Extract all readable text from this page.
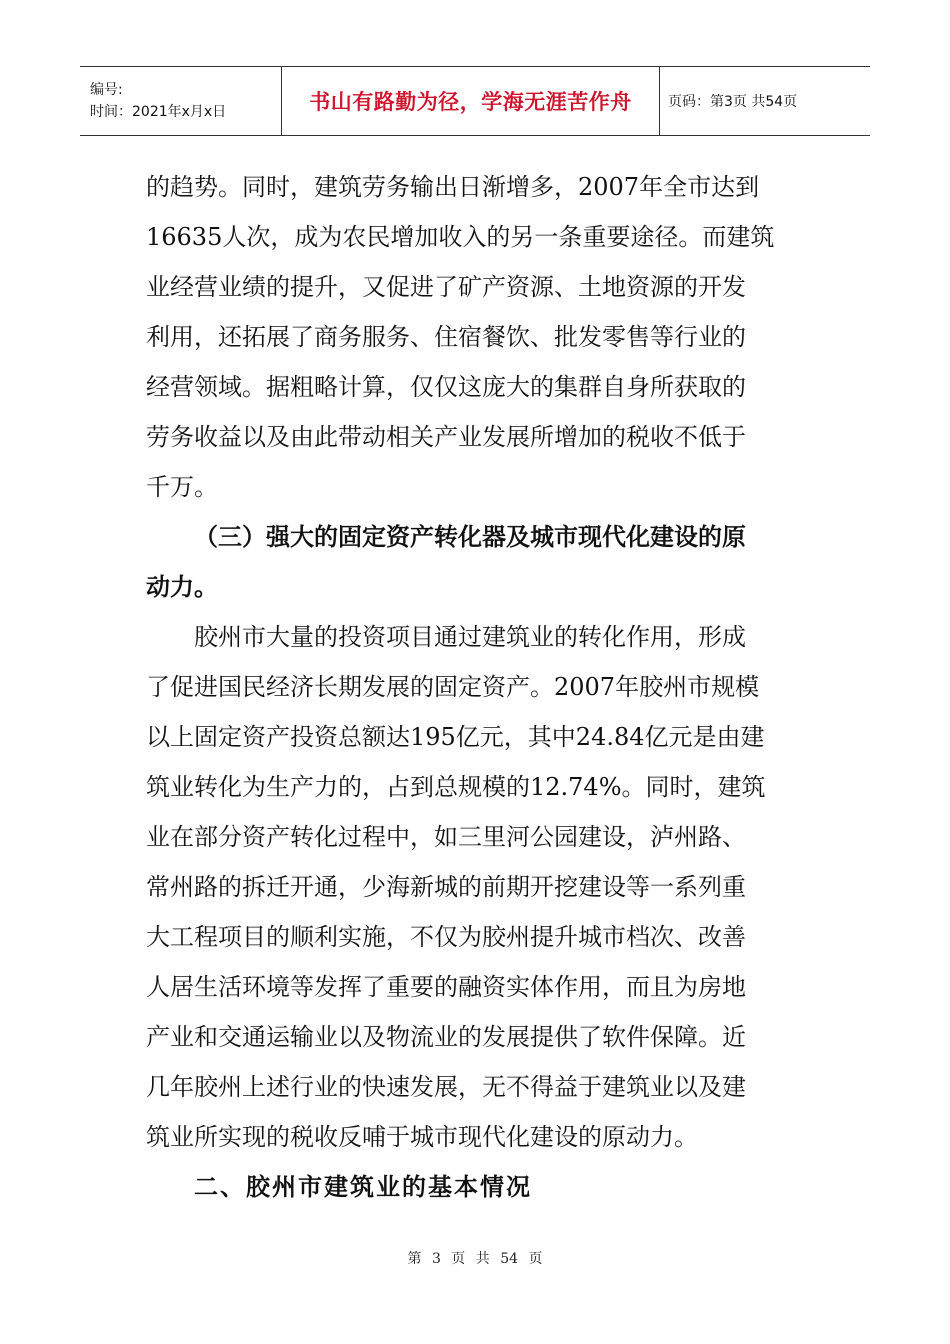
编号:
时间：2021年x月x日	书山有路勤为径，学海无涯苦作舟	页码：第3页 共54页
的趋势。同时，建筑劳务输出日渐增多，2007年全市达到
16635人次，成为农民增加收入的另一条重要途径。而建筑
业经营业绩的提升，又促进了矿产资源、土地资源的开发
利用，还拓展了商务服务、住宿餐饮、批发零售等行业的
经营领域。据粗略计算，仅仅这庞大的集群自身所获取的
劳务收益以及由此带动相关产业发展所增加的税收不低于
千万。
（三）强大的固定资产转化器及城市现代化建设的原
动力。
胶州市大量的投资项目通过建筑业的转化作用，形成
了促进国民经济长期发展的固定资产。2007年胶州市规模
以上固定资产投资总额达195亿元，其中24.84亿元是由建
筑业转化为生产力的，占到总规模的12.74%。同时，建筑
业在部分资产转化过程中，如三里河公园建设，泸州路、
常州路的拆迁开通，少海新城的前期开挖建设等一系列重
大工程项目的顺利实施，不仅为胶州提升城市档次、改善
人居生活环境等发挥了重要的融资实体作用，而且为房地
产业和交通运输业以及物流业的发展提供了软件保障。近
几年胶州上述行业的快速发展，无不得益于建筑业以及建
筑业所实现的税收反哺于城市现代化建设的原动力。
二、胶州市建筑业的基本情况
第 3 页 共 54 页
